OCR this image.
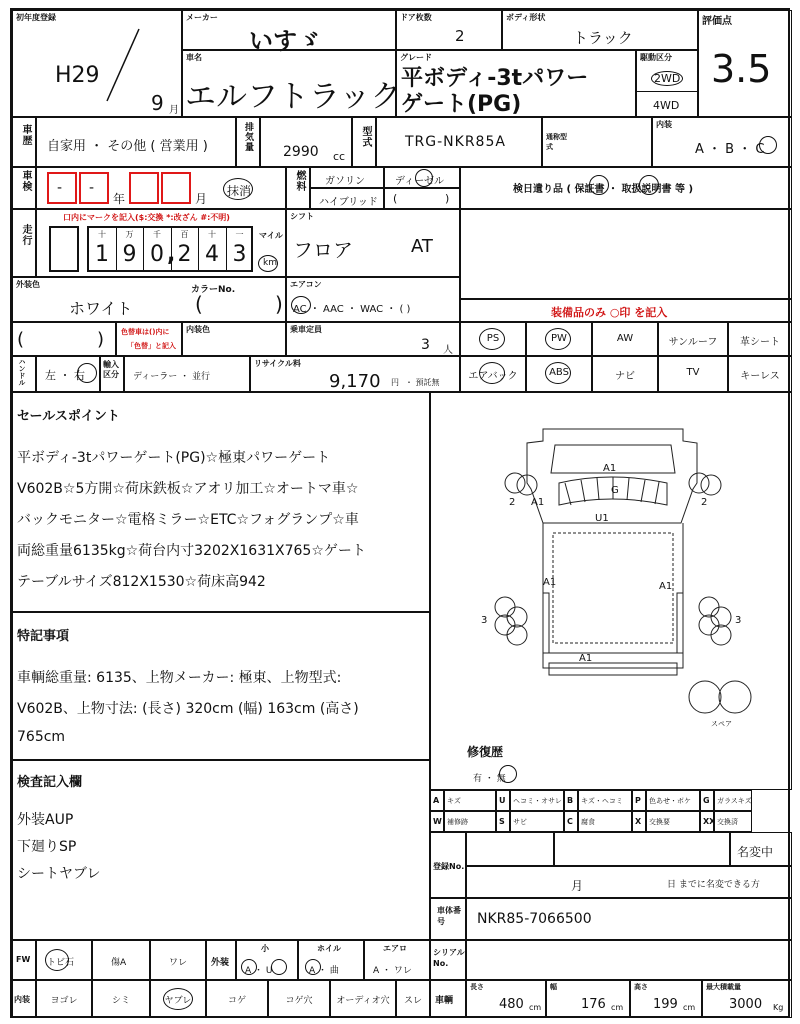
初年度登録
H29
9 月
メーカー
いすゞ
ドア枚数
2
ボディ形状
トラック
評価点
3.5
車名
エルフトラック
グレード
平ボディ-3tパワー
ゲート(PG)
駆動区分
2WD
4WD
車歴
自家用 ・ その他 ( 営業用 )	排気量 2990 cc
型式 TRG-NKR85A	通称型式
内装
A ・ B ・ C
車検 - -
年	月
抹消	燃料 ガソリン	ディーゼル
ハイブリッド (	)
検日遺り品 ( 保証書 ・ 取扱説明書 等 )
走行
口内にマークを記入($:交換 *:改ざん #:不明)
十
1
万
9
千
0
百
2
十
4
一
3
,
マイル
km
シフト
フロア	AT
外装色
ホワイト
カラーNo.
(	)
エアコン
AC ・ AAC ・ WAC ・ ( )	装備品のみ ○印 を記入
(	) 色替車は()内に
「色替」と記入
内装色	乗車定員
3 人
PS	PW	AW	サンルーフ	革シート
ハンドル 左 ・ 右
輸入区分	ディーラー ・ 並行
リサイクル料
9,170 円 ・ 預託無
エアバック	ABS	ナビ	TV	キーレス
セールスポイント
平ボディ-3tパワーゲート(PG)☆極東パワーゲート
V602B☆5方開☆荷床鉄板☆アオリ加工☆オートマ車☆
バックモニター☆電格ミラー☆ETC☆フォグランプ☆車
両総重量6135kg☆荷台内寸3202X1631X765☆ゲート
テーブルサイズ812X1530☆荷床高942
特記事項
車輌総重量: 6135、上物メーカー: 極東、上物型式:
V602B、上物寸法: (長さ) 320cm (幅) 163cm (高さ)
765cm
検査記入欄
外装AUP
下廻りSP
シートヤブレ
A1
G
A1
U1
A1	A1
A1
2	2
3	3
スペア
修復歴
有 ・ 無
A キズ	U ヘコミ・オサレ B キズ・ヘコミ P 色あせ・ボケ G ガラスキズ
W 補修跡	S サビ	C 腐食	X 交換要	XX 交換済
登録No.
名変中
月	日 までに名変できる方
車体番号	NKR85-7066500
FW トビ石	傷A	ワレ	外装
小
A ・ U
ホイル
A ・ 曲
エアロ
A ・ ワレ
シリアルNo.
内装	ヨゴレ	シミ	ヤブレ	コゲ	コゲ穴	オーディオ穴	スレ	車輌
長さ
480 cm
幅
176 cm
高さ
199 cm
最大積載量
3000 Kg
